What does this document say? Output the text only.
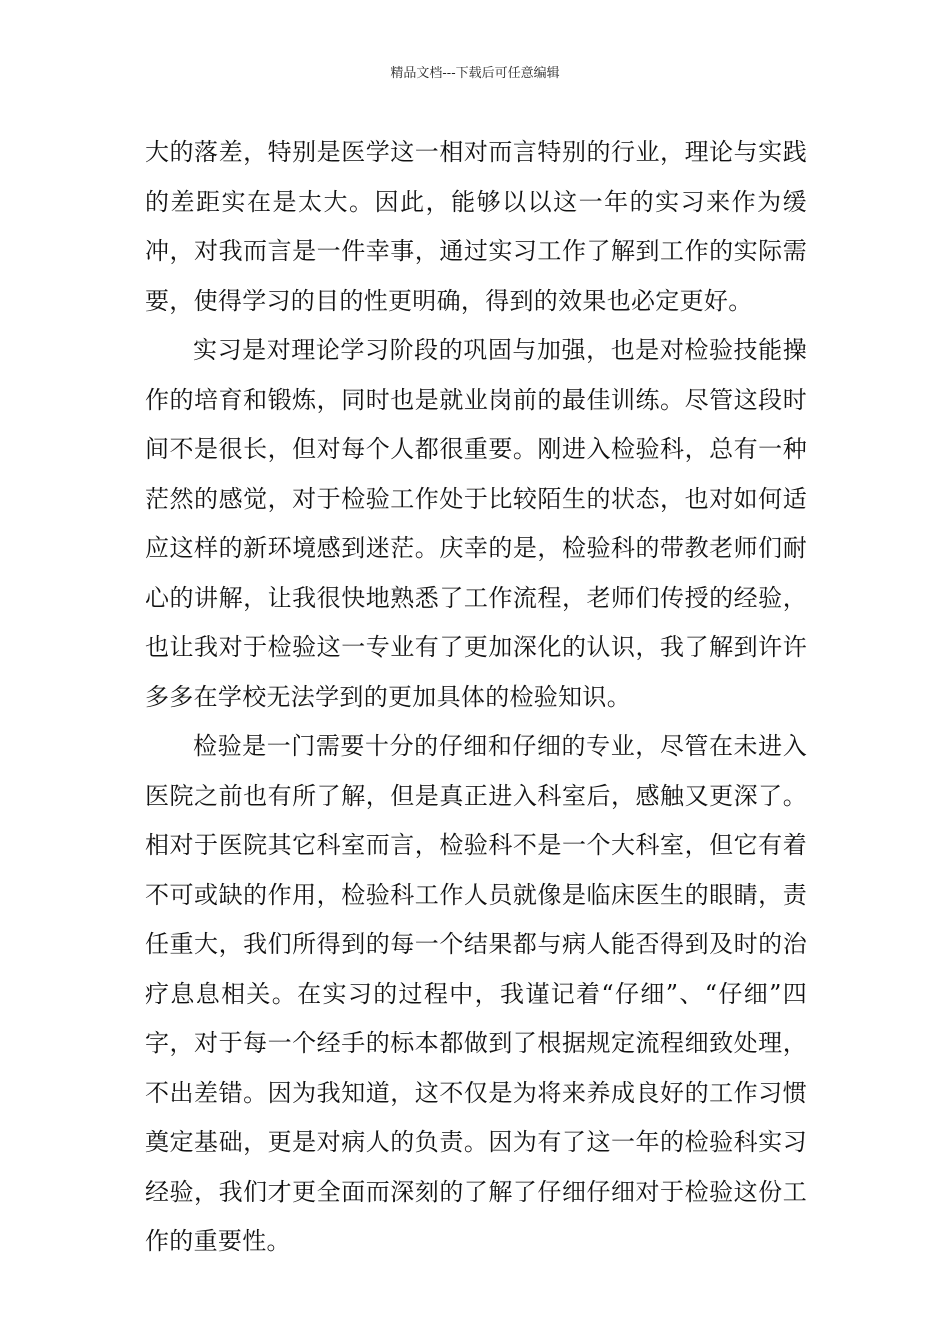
精品文档---下载后可任意编辑

大的落差，特别是医学这一相对而言特别的行业，理论与实践的差距实在是太大。因此，能够以以这一年的实习来作为缓冲，对我而言是一件幸事，通过实习工作了解到工作的实际需要，使得学习的目的性更明确，得到的效果也必定更好。

实习是对理论学习阶段的巩固与加强，也是对检验技能操作的培育和锻炼，同时也是就业岗前的最佳训练。尽管这段时间不是很长，但对每个人都很重要。刚进入检验科，总有一种茫然的感觉，对于检验工作处于比较陌生的状态，也对如何适应这样的新环境感到迷茫。庆幸的是，检验科的带教老师们耐心的讲解，让我很快地熟悉了工作流程，老师们传授的经验，也让我对于检验这一专业有了更加深化的认识，我了解到许许多多在学校无法学到的更加具体的检验知识。

检验是一门需要十分的仔细和仔细的专业，尽管在未进入医院之前也有所了解，但是真正进入科室后，感触又更深了。相对于医院其它科室而言，检验科不是一个大科室，但它有着不可或缺的作用，检验科工作人员就像是临床医生的眼睛，责任重大，我们所得到的每一个结果都与病人能否得到及时的治疗息息相关。在实习的过程中，我谨记着“仔细”、“仔细”四字，对于每一个经手的标本都做到了根据规定流程细致处理，不出差错。因为我知道，这不仅是为将来养成良好的工作习惯奠定基础，更是对病人的负责。因为有了这一年的检验科实习经验，我们才更全面而深刻的了解了仔细仔细对于检验这份工作的重要性。
